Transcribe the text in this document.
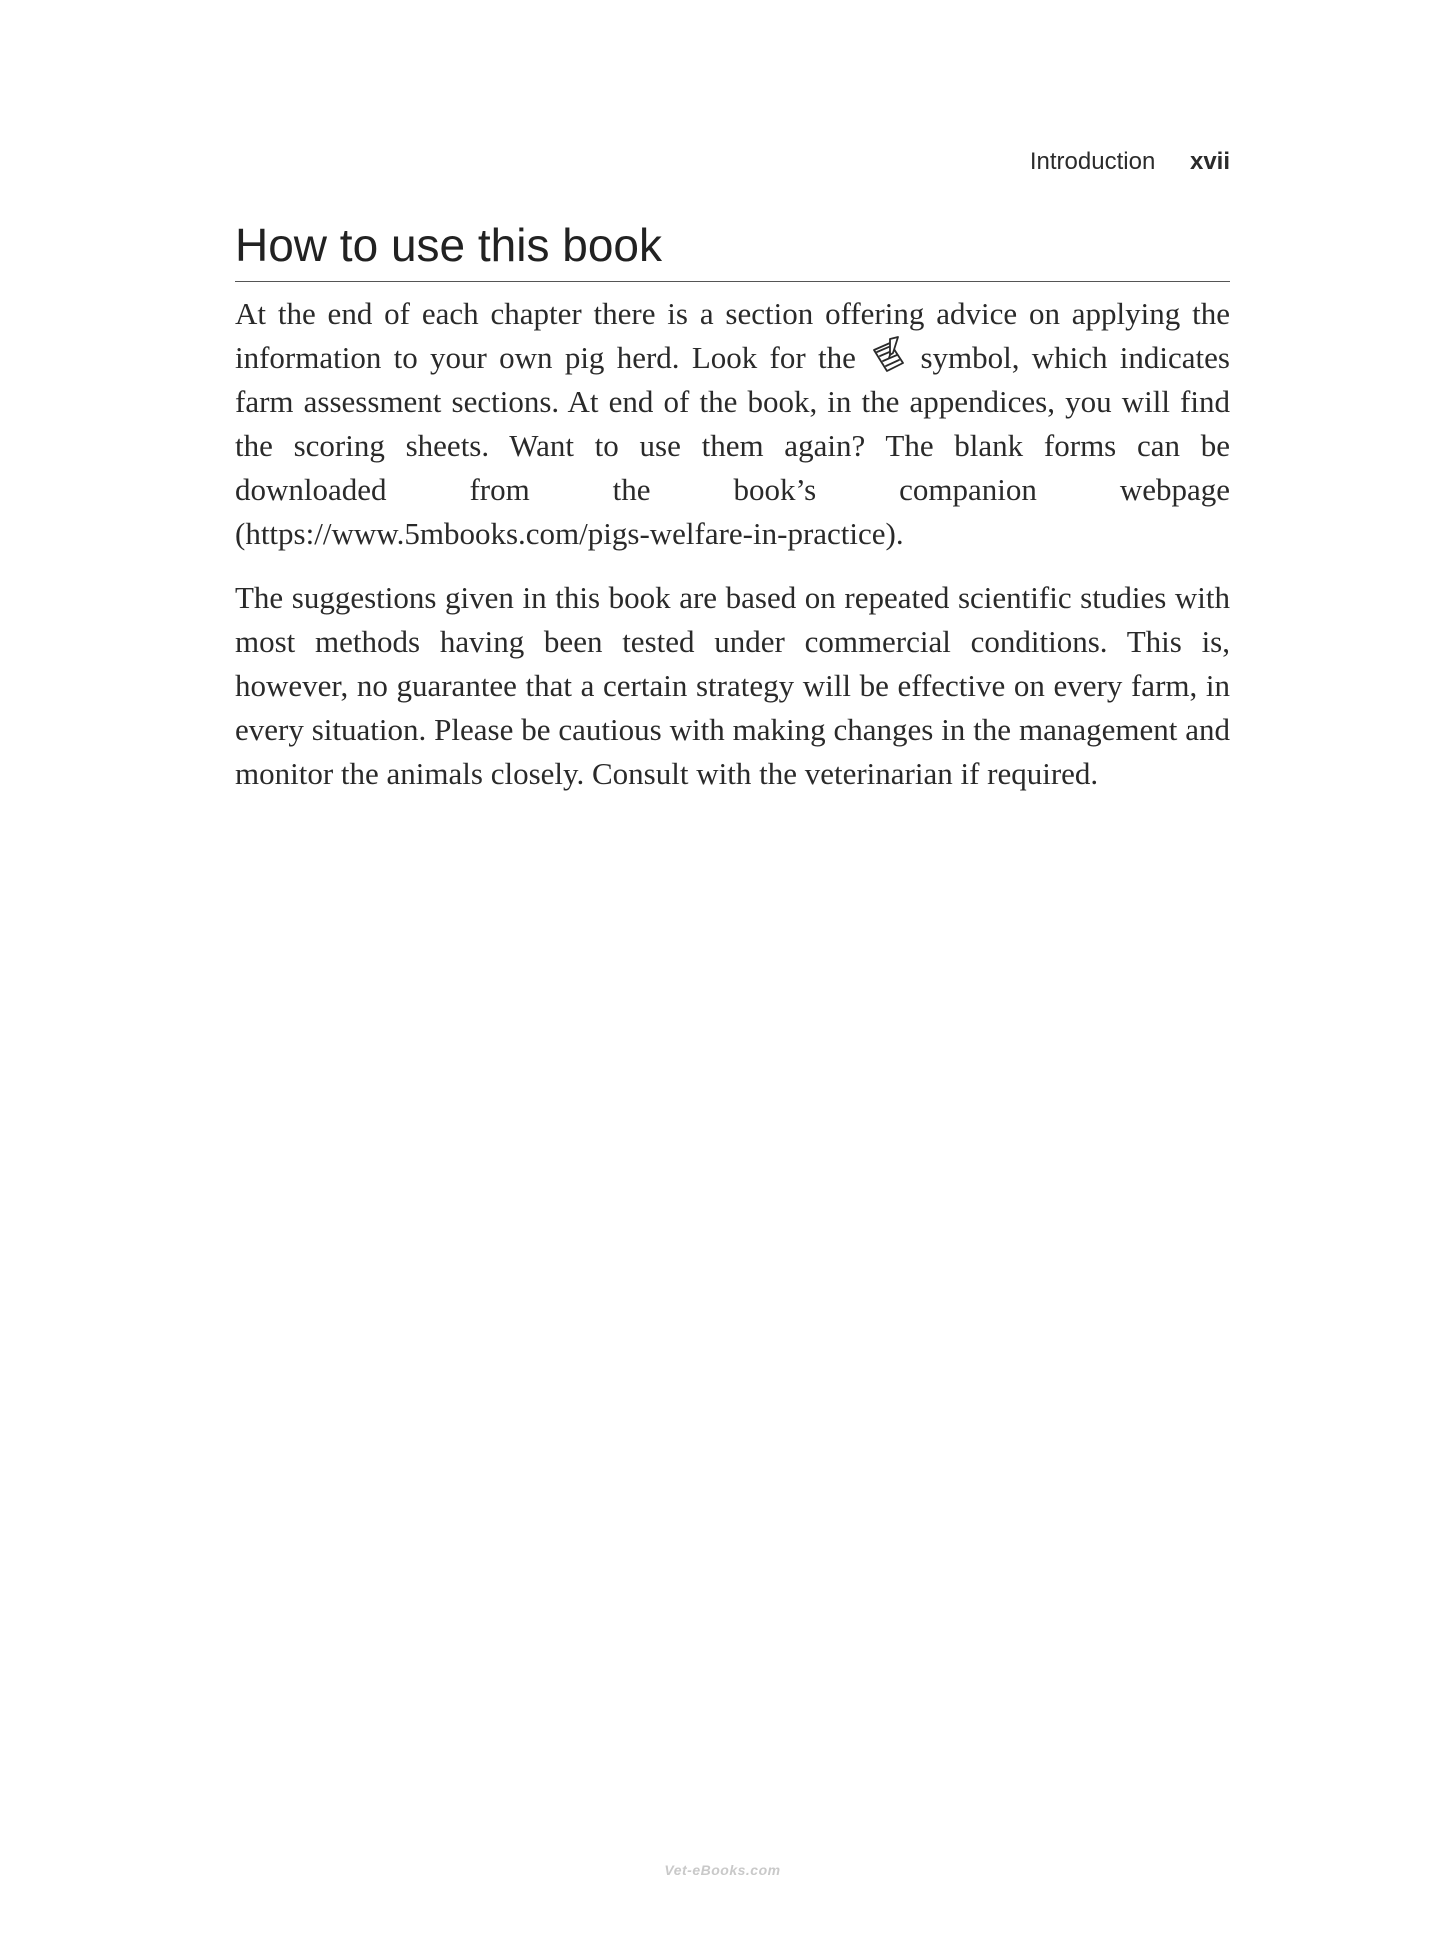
Introduction xvii
How to use this book

At the end of each chapter there is a section offering advice on applying the information to your own pig herd. Look for the  symbol, which indicates farm assessment sections. At end of the book, in the appendices, you will find the scoring sheets. Want to use them again? The blank forms can be downloaded from the book’s companion webpage (https://www.5mbooks.com/pigs-welfare-in-practice).

The suggestions given in this book are based on repeated scientific studies with most methods having been tested under commercial conditions. This is, however, no guarantee that a certain strategy will be effective on every farm, in every situation. Please be cautious with making changes in the management and monitor the animals closely. Consult with the veterinarian if required.

Vet-eBooks.com
